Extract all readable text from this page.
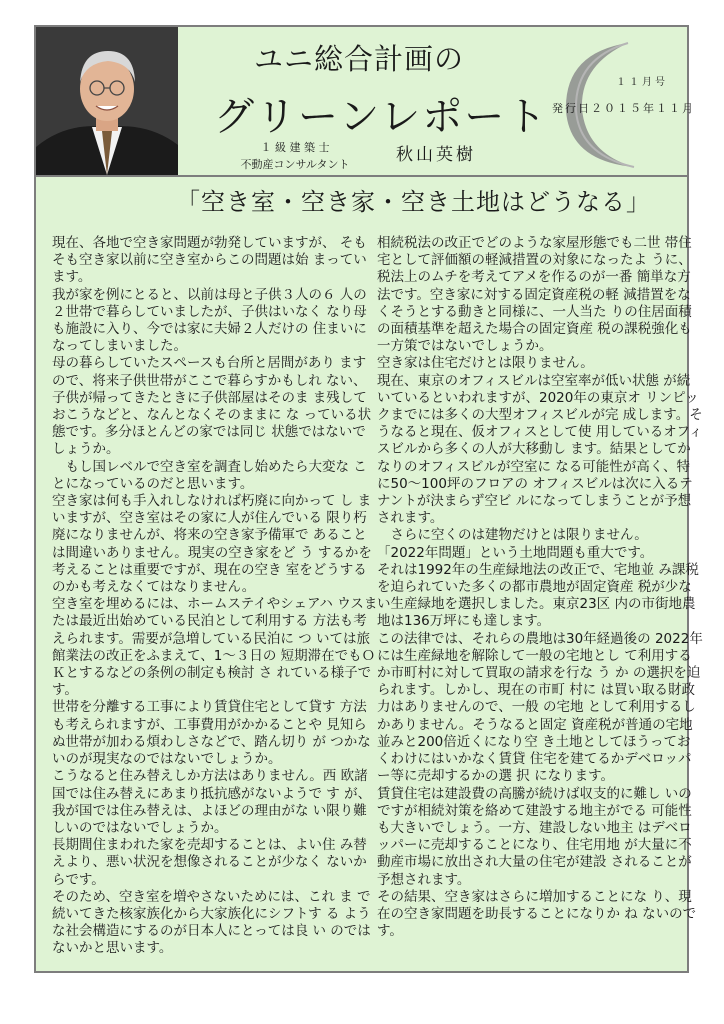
ユニ総合計画の
グリーンレポート
１ 級 建 築 士
不動産コンサルタント	秋山英樹
１１月号
発行日２０１５年１１月
「空き室・空き家・空き土地はどうなる」

現在、各地で空き家問題が勃発していますが、 そもそも空き家以前に空き室からこの問題は始 まっています。

我が家を例にとると、以前は母と子供３人の６ 人の２世帯で暮らしていましたが、子供はいなく なり母も施設に入り、今では家に夫婦２人だけの 住まいになってしまいました。

母の暮らしていたスペースも台所と居間があり ますので、将来子供世帯がここで暮らすかもしれ ない、子供が帰ってきたときに子供部屋はそのま ま残しておこうなどと、なんとなくそのままに な っている状態です。多分ほとんどの家では同じ 状態ではないでしょうか。

もし国レベルで空き室を調査し始めたら大変な ことになっているのだと思います。

空き家は何も手入れしなければ朽廃に向かって し まいますが、空き室はその家に人が住んでいる 限り朽廃になりませんが、将来の空き家予備軍で あることは間違いありません。現実の空き家をど う するかを考えることは重要ですが、現在の空き 室をどうするのかも考えなくてはなりません。

空き室を埋めるには、ホームステイやシェアハ ウスまたは最近出始めている民泊として利用する 方法も考えられます。需要が急増している民泊に つ いては旅館業法の改正をふまえて、1～３日の 短期滞在でもＯＫとするなどの条例の制定も検討 さ れている様子です。

世帯を分離する工事により賃貸住宅として貸す 方法も考えられますが、工事費用がかかることや 見知らぬ世帯が加わる煩わしさなどで、踏ん切り が つかないのが現実なのではないでしょうか。

こうなると住み替えしか方法はありません。西 欧諸国では住み替えにあまり抵抗感がないようで す が、我が国では住み替えは、よほどの理由がな い限り難しいのではないでしょうか。

長期間住まわれた家を売却することは、よい住 み替えより、悪い状況を想像されることが少なく ないからです。

そのため、空き室を増やさないためには、これ ま で続いてきた核家族化から大家族化にシフトす る ような社会構造にするのが日本人にとっては良 い のではないかと思います。

相続税法の改正でどのような家屋形態でも二世 帯住宅として評価額の軽減措置の対象になったよ うに、税法上のムチを考えてアメを作るのが一番 簡単な方法です。空き家に対する固定資産税の軽 減措置をなくそうとする動きと同様に、一人当た りの住居面積の面積基準を超えた場合の固定資産 税の課税強化も一方策ではないでしょうか。

空き家は住宅だけとは限りません。

現在、東京のオフィスビルは空室率が低い状態 が続いているといわれますが、2020年の東京オ リンピックまでには多くの大型オフィスビルが完 成します。そうなると現在、仮オフィスとして使 用しているオフィスビルから多くの人が大移動し ます。結果としてかなりのオフィスビルが空室に なる可能性が高く、特に50～100坪のフロアの オフィスビルは次に入るテナントが決まらず空ビ ルになってしまうことが予想されます。

さらに空くのは建物だけとは限りません。

「2022年問題」という土地問題も重大です。

それは1992年の生産緑地法の改正で、宅地並 み課税を迫られていた多くの都市農地が固定資産 税が少ない生産緑地を選択しました。東京23区 内の市街地農地は136万坪にも達します。

この法律では、それらの農地は30年経過後の 2022年には生産緑地を解除して一般の宅地とし て利用するか市町村に対して買取の請求を行な う か の選択を迫られます。しかし、現在の市町 村に は買い取る財政力はありませんので、一般 の宅地 として利用するしかありません。そうなると固定 資産税が普通の宅地並みと200倍近くになり空 き土地としてほうっておくわけにはいかなく賃貸 住宅を建てるかデベロッパー等に売却するかの選 択 になります。

賃貸住宅は建設費の高騰が続けば収支的に難し いのですが相続対策を絡めて建設する地主がでる 可能性も大きいでしょう。一方、建設しない地主 はデベロッパーに売却することになり、住宅用地 が大量に不動産市場に放出され大量の住宅が建設 されることが予想されます。

その結果、空き家はさらに増加することにな り、現在の空き家問題を助長することになりか ね ないのです。
